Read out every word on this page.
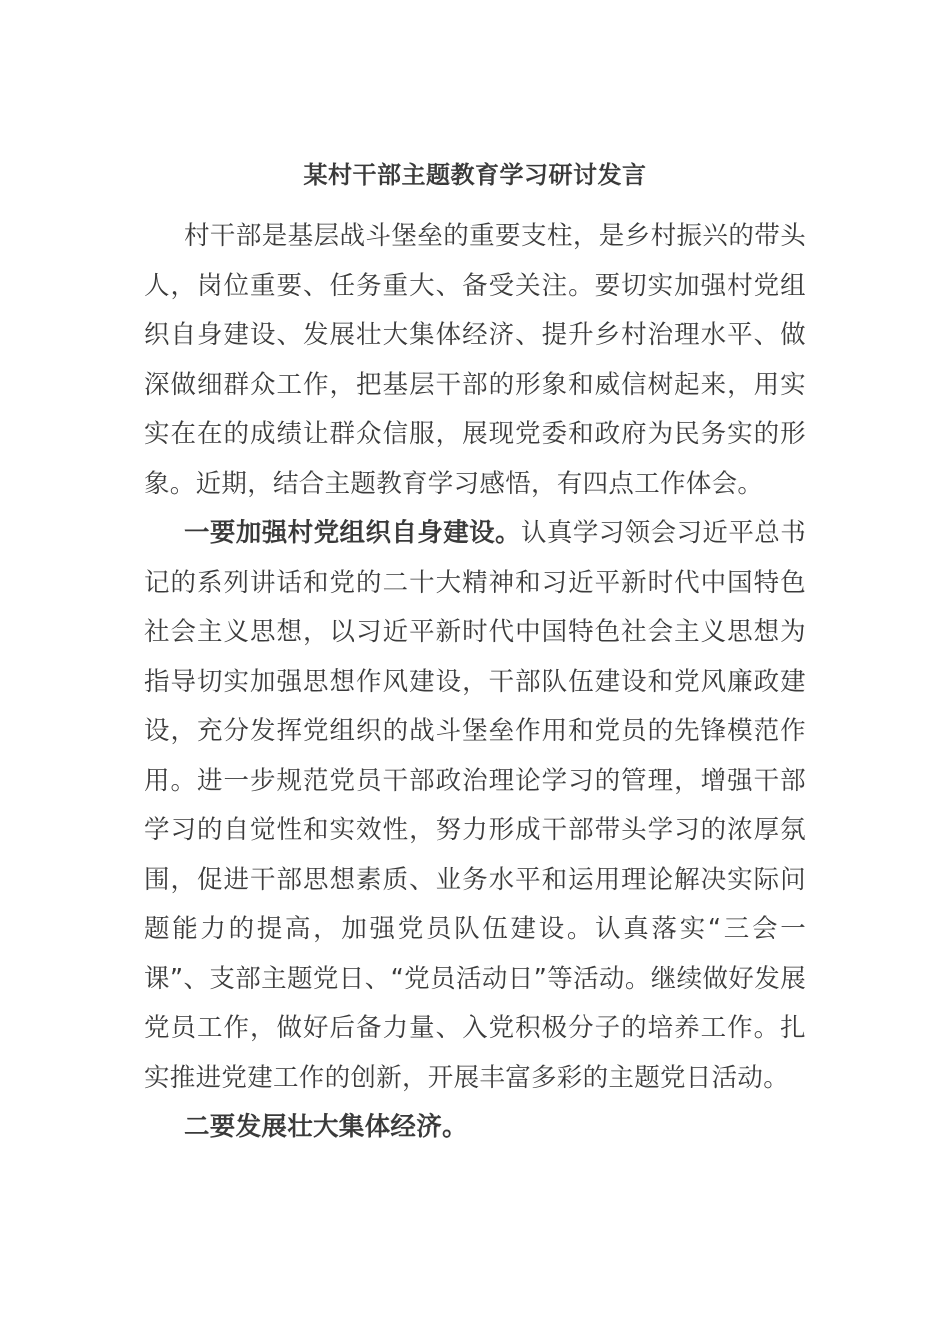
某村干部主题教育学习研讨发言

村干部是基层战斗堡垒的重要支柱，是乡村振兴的带头人，岗位重要、任务重大、备受关注。要切实加强村党组织自身建设、发展壮大集体经济、提升乡村治理水平、做深做细群众工作，把基层干部的形象和威信树起来，用实实在在的成绩让群众信服，展现党委和政府为民务实的形象。近期，结合主题教育学习感悟，有四点工作体会。

一要加强村党组织自身建设。认真学习领会习近平总书记的系列讲话和党的二十大精神和习近平新时代中国特色社会主义思想，以习近平新时代中国特色社会主义思想为指导切实加强思想作风建设，干部队伍建设和党风廉政建设，充分发挥党组织的战斗堡垒作用和党员的先锋模范作用。进一步规范党员干部政治理论学习的管理，增强干部学习的自觉性和实效性，努力形成干部带头学习的浓厚氛围，促进干部思想素质、业务水平和运用理论解决实际问题能力的提高，加强党员队伍建设。认真落实“三会一课”、支部主题党日、“党员活动日”等活动。继续做好发展党员工作，做好后备力量、入党积极分子的培养工作。扎实推进党建工作的创新，开展丰富多彩的主题党日活动。

二要发展壮大集体经济。
